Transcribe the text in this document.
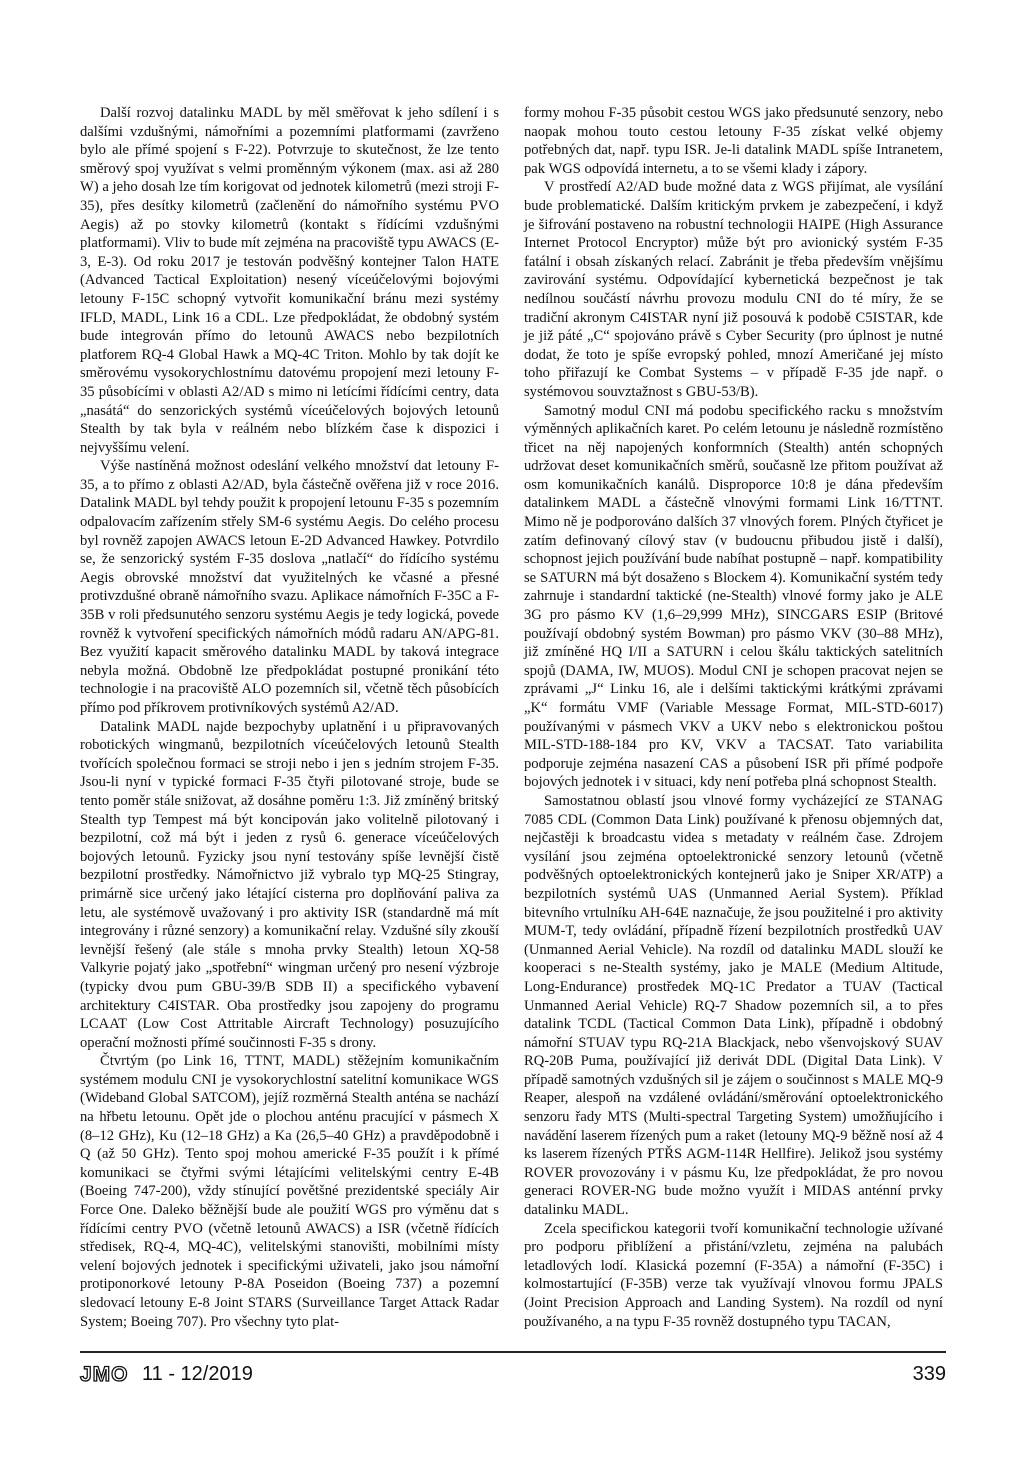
Další rozvoj datalinku MADL by měl směřovat k jeho sdílení i s dalšími vzdušnými, námořními a pozemními platformami (zavrženo bylo ale přímé spojení s F-22). Potvrzuje to skutečnost, že lze tento směrový spoj využívat s velmi proměnným výkonem (max. asi až 280 W) a jeho dosah lze tím korigovat od jednotek kilometrů (mezi stroji F-35), přes desítky kilometrů (začlenění do námořního systému PVO Aegis) až po stovky kilometrů (kontakt s řídícími vzdušnými platformami). Vliv to bude mít zejména na pracoviště typu AWACS (E-3, E-3). Od roku 2017 je testován podvěšný kontejner Talon HATE (Advanced Tactical Exploitation) nesený víceúčelovými bojovými letouny F-15C schopný vytvořit komunikační bránu mezi systémy IFLD, MADL, Link 16 a CDL. Lze předpokládat, že obdobný systém bude integrován přímo do letounů AWACS nebo bezpilotních platforem RQ-4 Global Hawk a MQ-4C Triton. Mohlo by tak dojít ke směrovému vysokorychlostnímu datovému propojení mezi letouny F-35 působícími v oblasti A2/AD s mimo ni letícími řídícími centry, data „nasátá“ do senzorických systémů víceúčelových bojových letounů Stealth by tak byla v reálném nebo blízkém čase k dispozici i nejvyššímu velení.

Výše nastíněná možnost odeslání velkého množství dat letouny F-35, a to přímo z oblasti A2/AD, byla částečně ověřena již v roce 2016. Datalink MADL byl tehdy použit k propojení letounu F-35 s pozemním odpalovacím zařízením střely SM-6 systému Aegis. Do celého procesu byl rovněž zapojen AWACS letoun E-2D Advanced Hawkey. Potvrdilo se, že senzorický systém F-35 doslova „natlačí“ do řídícího systému Aegis obrovské množství dat využitelných ke včasné a přesné protivzdušné obraně námořního svazu. Aplikace námořních F-35C a F-35B v roli předsunutého senzoru systému Aegis je tedy logická, povede rovněž k vytvoření specifických námořních módů radaru AN/APG-81. Bez využití kapacit směrového datalinku MADL by taková integrace nebyla možná. Obdobně lze předpokládat postupné pronikání této technologie i na pracoviště ALO pozemních sil, včetně těch působících přímo pod příkrovem protivníkových systémů A2/AD.

Datalink MADL najde bezpochyby uplatnění i u připravovaných robotických wingmanů, bezpilotních víceúčelových letounů Stealth tvořících společnou formaci se stroji nebo i jen s jedním strojem F-35. Jsou-li nyní v typické formaci F-35 čtyři pilotované stroje, bude se tento poměr stále snižovat, až dosáhne poměru 1:3. Již zmíněný britský Stealth typ Tempest má být koncipován jako volitelně pilotovaný i bezpilotní, což má být i jeden z rysů 6. generace víceúčelových bojových letounů. Fyzicky jsou nyní testovány spíše levnější čistě bezpilotní prostředky. Námořnictvo již vybralo typ MQ-25 Stingray, primárně sice určený jako létající cisterna pro doplňování paliva za letu, ale systémově uvažovaný i pro aktivity ISR (standardně má mít integrovány i různé senzory) a komunikační relay. Vzdušné síly zkouší levnější řešený (ale stále s mnoha prvky Stealth) letoun XQ-58 Valkyrie pojatý jako „spotřební“ wingman určený pro nesení výzbroje (typicky dvou pum GBU-39/B SDB II) a specifického vybavení architektury C4ISTAR. Oba prostředky jsou zapojeny do programu LCAAT (Low Cost Attritable Aircraft Technology) posuzujícího operační možnosti přímé součinnosti F-35 s drony.

Čtvrtým (po Link 16, TTNT, MADL) stěžejním komunikačním systémem modulu CNI je vysokorychlostní satelitní komunikace WGS (Wideband Global SATCOM), jejíž rozměrná Stealth anténa se nachází na hřbetu letounu. Opět jde o plochou anténu pracující v pásmech X (8–12 GHz), Ku (12–18 GHz) a Ka (26,5–40 GHz) a pravděpodobně i Q (až 50 GHz). Tento spoj mohou americké F-35 použít i k přímé komunikaci se čtyřmi svými létajícími velitelskými centry E-4B (Boeing 747-200), vždy stínující povětšné prezidentské speciály Air Force One. Daleko běžnější bude ale použití WGS pro výměnu dat s řídícími centry PVO (včetně letounů AWACS) a ISR (včetně řídících středisek, RQ-4, MQ-4C), velitelskými stanovišti, mobilními místy velení bojových jednotek i specifickými uživateli, jako jsou námořní protiponorkové letouny P-8A Poseidon (Boeing 737) a pozemní sledovací letouny E-8 Joint STARS (Surveillance Target Attack Radar System; Boeing 707). Pro všechny tyto plat-

formy mohou F-35 působit cestou WGS jako předsunuté senzory, nebo naopak mohou touto cestou letouny F-35 získat velké objemy potřebných dat, např. typu ISR. Je-li datalink MADL spíše Intranetem, pak WGS odpovídá internetu, a to se všemi klady i zápory.

V prostředí A2/AD bude možné data z WGS přijímat, ale vysílání bude problematické. Dalším kritickým prvkem je zabezpečení, i když je šifrování postaveno na robustní technologii HAIPE (High Assurance Internet Protocol Encryptor) může být pro avionický systém F-35 fatální i obsah získaných relací. Zabránit je třeba především vnějšímu zavirování systému. Odpovídající kybernetická bezpečnost je tak nedílnou součástí návrhu provozu modulu CNI do té míry, že se tradiční akronym C4ISTAR nyní již posouvá k podobě C5ISTAR, kde je již páté „C“ spojováno právě s Cyber Security (pro úplnost je nutné dodat, že toto je spíše evropský pohled, mnozí Američané jej místo toho přiřazují ke Combat Systems – v případě F-35 jde např. o systémovou souvztažnost s GBU-53/B).

Samotný modul CNI má podobu specifického racku s množstvím výměnných aplikačních karet. Po celém letounu je následně rozmístěno třicet na něj napojených konformních (Stealth) antén schopných udržovat deset komunikačních směrů, současně lze přitom používat až osm komunikačních kanálů. Disproporce 10:8 je dána především datalinkem MADL a částečně vlnovými formami Link 16/TTNT. Mimo ně je podporováno dalších 37 vlnových forem. Plných čtyřicet je zatím definovaný cílový stav (v budoucnu přibudou jistě i další), schopnost jejich používání bude nabíhat postupně – např. kompatibility se SATURN má být dosaženo s Blockem 4). Komunikační systém tedy zahrnuje i standardní taktické (ne-Stealth) vlnové formy jako je ALE 3G pro pásmo KV (1,6–29,999 MHz), SINCGARS ESIP (Britové používají obdobný systém Bowman) pro pásmo VKV (30–88 MHz), již zmíněné HQ I/II a SATURN i celou škálu taktických satelitních spojů (DAMA, IW, MUOS). Modul CNI je schopen pracovat nejen se zprávami „J“ Linku 16, ale i delšími taktickými krátkými zprávami „K“ formátu VMF (Variable Message Format, MIL-STD-6017) používanými v pásmech VKV a UKV nebo s elektronickou poštou MIL-STD-188-184 pro KV, VKV a TACSAT. Tato variabilita podporuje zejména nasazení CAS a působení ISR při přímé podpoře bojových jednotek i v situaci, kdy není potřeba plná schopnost Stealth.

Samostatnou oblastí jsou vlnové formy vycházející ze STANAG 7085 CDL (Common Data Link) používané k přenosu objemných dat, nejčastěji k broadcastu videa s metadaty v reálném čase. Zdrojem vysílání jsou zejména optoelektronické senzory letounů (včetně podvěšných optoelektronických kontejnerů jako je Sniper XR/ATP) a bezpilotních systémů UAS (Unmanned Aerial System). Příklad bitevního vrtulníku AH-64E naznačuje, že jsou použitelné i pro aktivity MUM-T, tedy ovládání, případně řízení bezpilotních prostředků UAV (Unmanned Aerial Vehicle). Na rozdíl od datalinku MADL slouží ke kooperaci s ne-Stealth systémy, jako je MALE (Medium Altitude, Long-Endurance) prostředek MQ-1C Predator a TUAV (Tactical Unmanned Aerial Vehicle) RQ-7 Shadow pozemních sil, a to přes datalink TCDL (Tactical Common Data Link), případně i obdobný námořní STUAV typu RQ-21A Blackjack, nebo všenvojskový SUAV RQ-20B Puma, používající již derivát DDL (Digital Data Link). V případě samotných vzdušných sil je zájem o součinnost s MALE MQ-9 Reaper, alespoň na vzdálené ovládání/směrování optoelektronického senzoru řady MTS (Multi-spectral Targeting System) umožňujícího i navádění laserem řízených pum a raket (letouny MQ-9 běžně nosí až 4 ks laserem řízených PTŘS AGM-114R Hellfire). Jelikož jsou systémy ROVER provozovány i v pásmu Ku, lze předpokládat, že pro novou generaci ROVER-NG bude možno využít i MIDAS anténní prvky datalinku MADL.

Zcela specifickou kategorii tvoří komunikační technologie užívané pro podporu přiblížení a přistání/vzletu, zejména na palubách letadlových lodí. Klasická pozemní (F-35A) a námořní (F-35C) i kolmostartující (F-35B) verze tak využívají vlnovou formu JPALS (Joint Precision Approach and Landing System). Na rozdíl od nyní používaného, a na typu F-35 rovněž dostupného typu TACAN,

JMO 11 - 12/2019	339
